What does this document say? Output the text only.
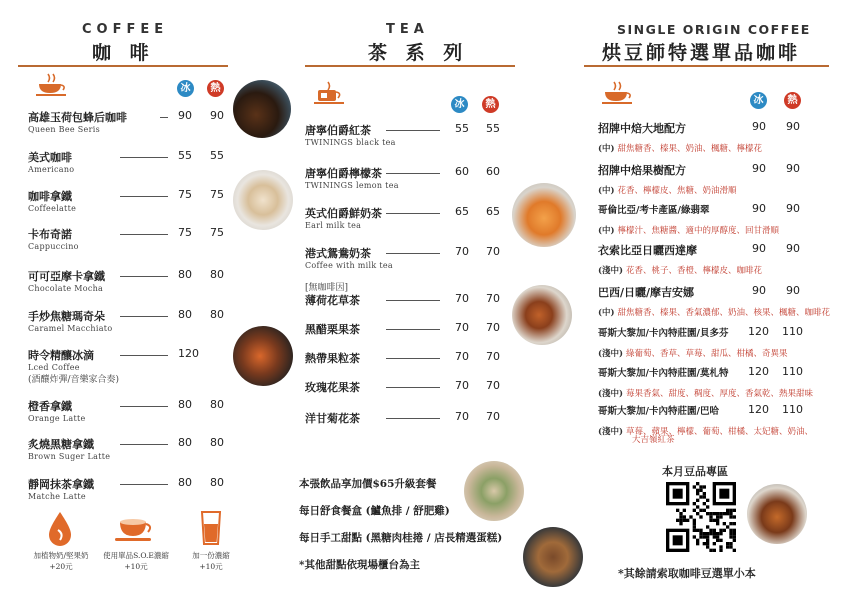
COFFEE
咖 啡
冰	熱
高雄玉荷包蜂后咖啡
Queen Bee Seris
90 90
美式咖啡
Americano
55 55
咖啡拿鐵
Coffeelatte
75 75
卡布奇諾
Cappuccino
75 75
可可亞摩卡拿鐵
Chocolate Mocha
80 80
手炒焦糖瑪奇朵
Caramel Macchiato
80 80
時令精釀冰滴
Lced Coffee
(酒釀炸彈/音樂家合奏)
120
橙香拿鐵
Orange Latte
80 80
炙燒黑糖拿鐵
Brown Suger Latte
80 80
靜岡抹茶拿鐵
Matche Latte
80 80
加植物奶/堅果奶
+20元
使用單品S.O.E濃縮
+10元
加一份濃縮
+10元
TEA
茶 系 列
冰	熱
唐寧伯爵紅茶
TWININGS black tea
55 55
唐寧伯爵檸檬茶
TWININGS lemon tea
60 60
英式伯爵鮮奶茶
Earl milk tea
65 65
港式鴛鴦奶茶
Coffee with milk tea
70 70
薄荷花草茶	70 70
黑醋栗果茶	70 70
熱帶果粒茶	70 70
玫瑰花果茶	70 70
洋甘菊花茶	70 70
[無咖啡因]
本張飲品享加價$65升級套餐
每日舒食餐盒 (鱸魚排 / 舒肥雞)
每日手工甜點 (黑糖肉桂捲 / 店長精選蛋糕)
*其他甜點依現場櫃台為主
SINGLE ORIGIN COFFEE
烘豆師特選單品咖啡
冰	熱
招牌中焙大地配方
(中) 甜焦糖香、榛果、奶油、楓糖、檸檬花
90 90
招牌中焙果樹配方
(中) 花香、檸檬皮、焦糖、奶油滑順
90 90
哥倫比亞/考卡產區/綠翡翠
(中) 檸檬汁、焦糖醬、適中的厚醇度、回甘滑順
90 90
衣索比亞日曬西達摩
(淺中) 花香、桃子、香橙、檸檬皮、咖啡花
90 90
巴西/日曬/摩吉安娜
(中) 甜焦糖香、榛果、香氣濃郁、奶油、核果、楓糖、咖啡花
90 90
哥斯大黎加/卡內特莊園/貝多芬
(淺中) 綠葡萄、香草、草莓、甜瓜、柑橘、奇異果
120 110
哥斯大黎加/卡內特莊園/莫札特
(淺中) 莓果香氣、甜度、稠度、厚度、香氣乾、熱果甜味
120 110
哥斯大黎加/卡內特莊園/巴哈
(淺中) 草莓、蘋果、檸檬、葡萄、柑橘、太妃糖、奶油、
大吉嶺紅茶
120 110
本月豆品專區
*其餘請索取咖啡豆選單小本
